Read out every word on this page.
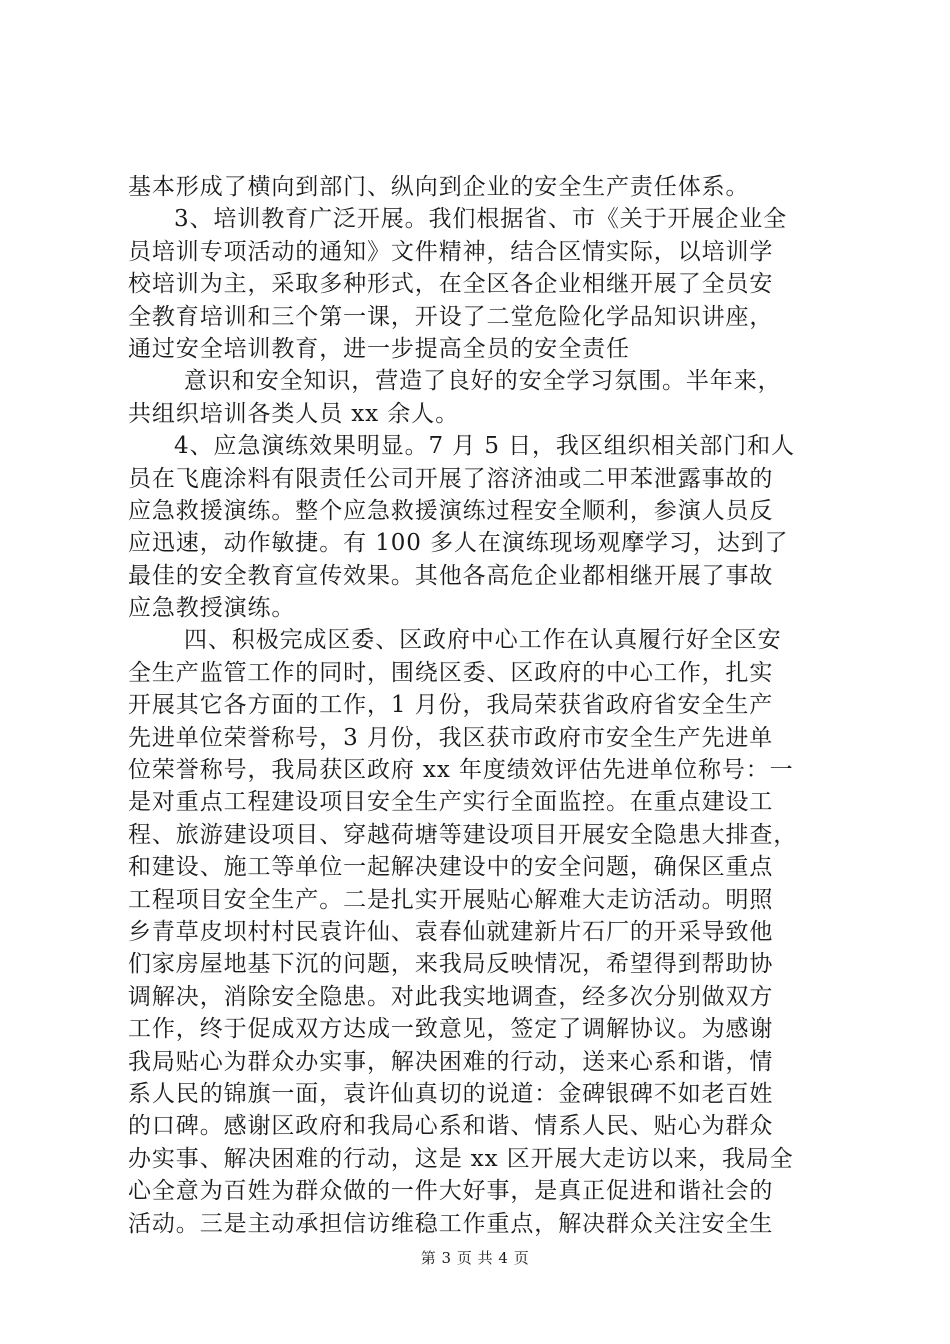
基本形成了横向到部门、纵向到企业的安全生产责任体系。
3、培训教育广泛开展。我们根据省、市《关于开展企业全
员培训专项活动的通知》文件精神，结合区情实际，以培训学
校培训为主，采取多种形式，在全区各企业相继开展了全员安
全教育培训和三个第一课，开设了二堂危险化学品知识讲座，
通过安全培训教育，进一步提高全员的安全责任
意识和安全知识，营造了良好的安全学习氛围。半年来，
共组织培训各类人员 xx 余人。
4、应急演练效果明显。7 月 5 日，我区组织相关部门和人
员在飞鹿涂料有限责任公司开展了溶济油或二甲苯泄露事故的
应急救援演练。整个应急救援演练过程安全顺利，参演人员反
应迅速，动作敏捷。有 100 多人在演练现场观摩学习，达到了
最佳的安全教育宣传效果。其他各高危企业都相继开展了事故
应急教授演练。
四、积极完成区委、区政府中心工作在认真履行好全区安
全生产监管工作的同时，围绕区委、区政府的中心工作，扎实
开展其它各方面的工作，1 月份，我局荣获省政府省安全生产
先进单位荣誉称号，3 月份，我区获市政府市安全生产先进单
位荣誉称号，我局获区政府 xx 年度绩效评估先进单位称号：一
是对重点工程建设项目安全生产实行全面监控。在重点建设工
程、旅游建设项目、穿越荷塘等建设项目开展安全隐患大排查，
和建设、施工等单位一起解决建设中的安全问题，确保区重点
工程项目安全生产。二是扎实开展贴心解难大走访活动。明照
乡青草皮坝村村民袁许仙、袁春仙就建新片石厂的开采导致他
们家房屋地基下沉的问题，来我局反映情况，希望得到帮助协
调解决，消除安全隐患。对此我实地调查，经多次分别做双方
工作，终于促成双方达成一致意见，签定了调解协议。为感谢
我局贴心为群众办实事，解决困难的行动，送来心系和谐，情
系人民的锦旗一面，袁许仙真切的说道：金碑银碑不如老百姓
的口碑。感谢区政府和我局心系和谐、情系人民、贴心为群众
办实事、解决困难的行动，这是 xx 区开展大走访以来，我局全
心全意为百姓为群众做的一件大好事，是真正促进和谐社会的
活动。三是主动承担信访维稳工作重点，解决群众关注安全生
第 3 页 共 4 页
